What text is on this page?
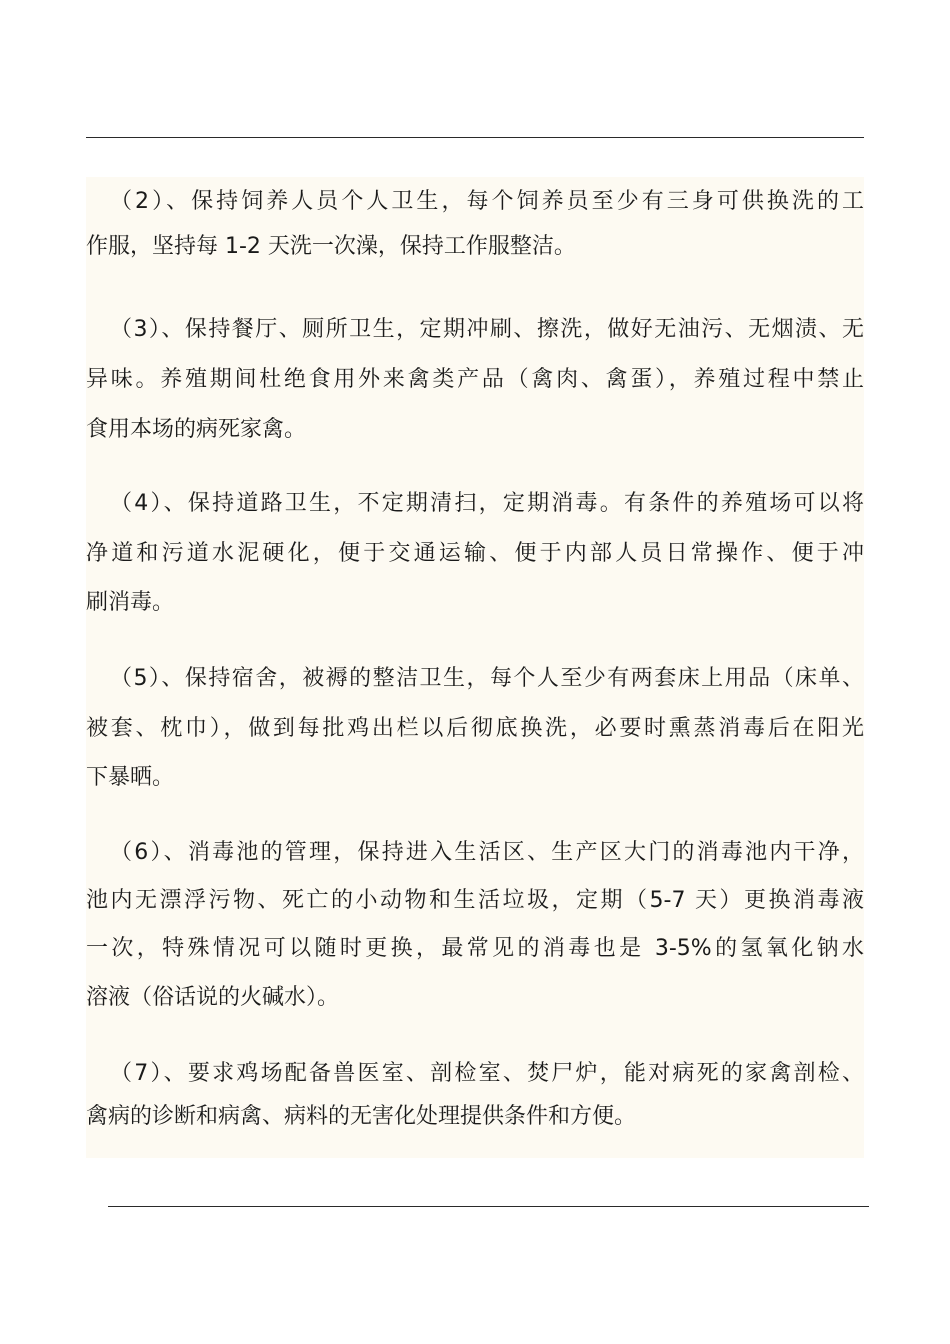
（2）、保持饲养人员个人卫生，每个饲养员至少有三身可供换洗的工
作服，坚持每 1-2 天洗一次澡，保持工作服整洁。
（3）、保持餐厅、厕所卫生，定期冲刷、擦洗，做好无油污、无烟渍、无
异味。养殖期间杜绝食用外来禽类产品（禽肉、禽蛋），养殖过程中禁止
食用本场的病死家禽。
（4）、保持道路卫生，不定期清扫，定期消毒。有条件的养殖场可以将
净道和污道水泥硬化，便于交通运输、便于内部人员日常操作、便于冲
刷消毒。
（5）、保持宿舍，被褥的整洁卫生，每个人至少有两套床上用品（床单、
被套、枕巾），做到每批鸡出栏以后彻底换洗，必要时熏蒸消毒后在阳光
下暴晒。
（6）、消毒池的管理，保持进入生活区、生产区大门的消毒池内干净，
池内无漂浮污物、死亡的小动物和生活垃圾，定期（5-7 天）更换消毒液
一次，特殊情况可以随时更换，最常见的消毒也是 3-5%的氢氧化钠水
溶液（俗话说的火碱水）。
（7）、要求鸡场配备兽医室、剖检室、焚尸炉，能对病死的家禽剖检、
禽病的诊断和病禽、病料的无害化处理提供条件和方便。
